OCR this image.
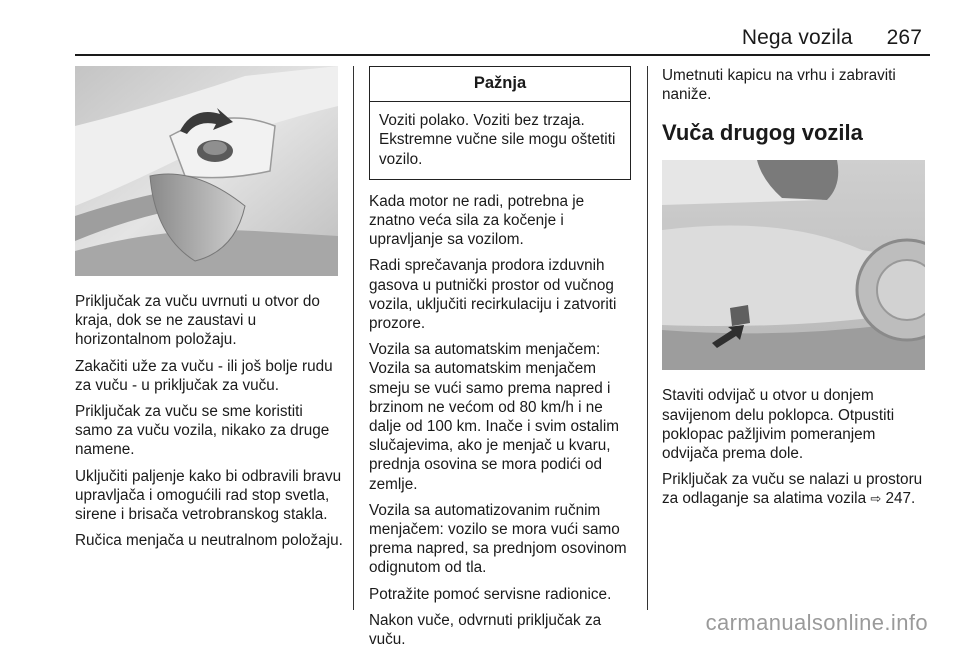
Nega vozila 267

Priključak za vuču uvrnuti u otvor do kraja, dok se ne zaustavi u horizontalnom položaju.

Zakačiti uže za vuču - ili još bolje rudu za vuču - u priključak za vuču.

Priključak za vuču se sme koristiti samo za vuču vozila, nikako za druge namene.

Uključiti paljenje kako bi odbravili bravu upravljača i omogućili rad stop svetla, sirene i brisača vetrobranskog stakla.

Ručica menjača u neutralnom položaju.

Pažnja
Voziti polako. Voziti bez trzaja. Ekstremne vučne sile mogu oštetiti vozilo.

Kada motor ne radi, potrebna je znatno veća sila za kočenje i upravljanje sa vozilom.

Radi sprečavanja prodora izduvnih gasova u putnički prostor od vučnog vozila, uključiti recirkulaciju i zatvoriti prozore.

Vozila sa automatskim menjačem: Vozila sa automatskim menjačem smeju se vući samo prema napred i brzinom ne većom od 80 km/h i ne dalje od 100 km. Inače i svim ostalim slučajevima, ako je menjač u kvaru, prednja osovina se mora podići od zemlje.

Vozila sa automatizovanim ručnim menjačem: vozilo se mora vući samo prema napred, sa prednjom osovinom odignutom od tla.

Potražite pomoć servisne radionice.

Nakon vuče, odvrnuti priključak za vuču.

Umetnuti kapicu na vrhu i zabraviti naniže.

Vuča drugog vozila

Staviti odvijač u otvor u donjem savijenom delu poklopca. Otpustiti poklopac pažljivim pomeranjem odvijača prema dole.

Priključak za vuču se nalazi u prostoru za odlaganje sa alatima vozila ⇨ 247.

carmanualsonline.info
